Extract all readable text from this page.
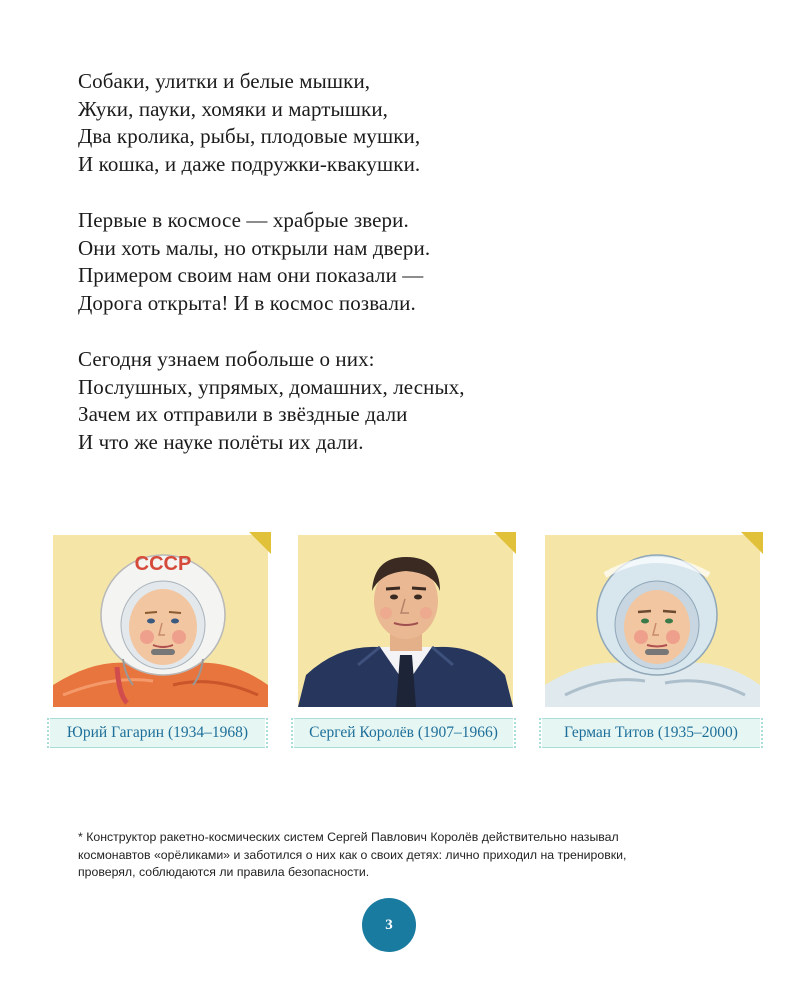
Собаки, улитки и белые мышки,
Жуки, пауки, хомяки и мартышки,
Два кролика, рыбы, плодовые мушки,
И кошка, и даже подружки-квакушки.
Первые в космосе — храбрые звери.
Они хоть малы, но открыли нам двери.
Примером своим нам они показали —
Дорога открыта! И в космос позвали.
Сегодня узнаем побольше о них:
Послушных, упрямых, домашних, лесных,
Зачем их отправили в звёздные дали
И что же науке полёты их дали.
СССР
Юрий Гагарин (1934–1968)	Сергей Королёв (1907–1966)	Герман Титов (1935–2000)
* Конструктор ракетно-космических систем Сергей Павлович Королёв действительно называл
космонавтов «орёликами» и заботился о них как о своих детях: лично приходил на тренировки,
проверял, соблюдаются ли правила безопасности.
3
